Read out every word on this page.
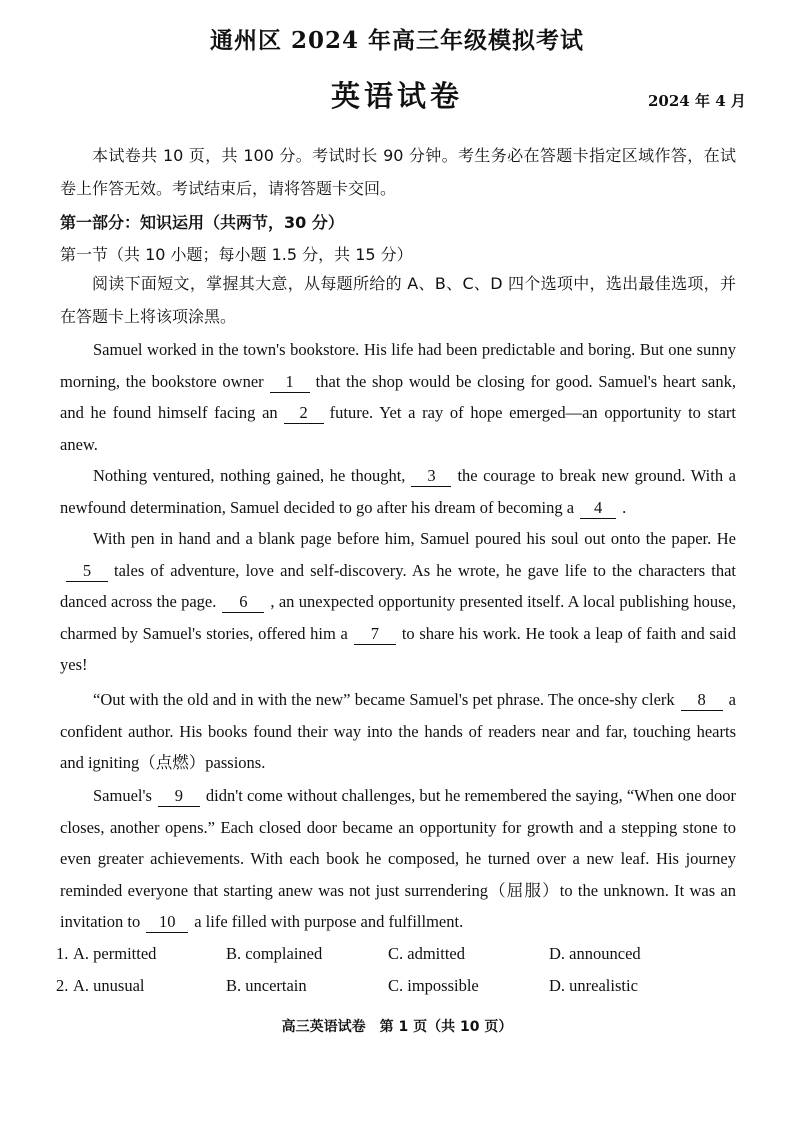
通州区 2024 年高三年级模拟考试
英语试卷	2024 年 4 月
本试卷共 10 页，共 100 分。考试时长 90 分钟。考生务必在答题卡指定区域作答，在试卷上作答无效。考试结束后，请将答题卡交回。
第一部分：知识运用（共两节，30 分）
第一节（共 10 小题；每小题 1.5 分，共 15 分）
阅读下面短文，掌握其大意，从每题所给的 A、B、C、D 四个选项中，选出最佳选项，并在答题卡上将该项涂黑。
Samuel worked in the town's bookstore. His life had been predictable and boring. But one sunny morning, the bookstore owner 1 that the shop would be closing for good. Samuel's heart sank, and he found himself facing an 2 future. Yet a ray of hope emerged—an opportunity to start anew.
Nothing ventured, nothing gained, he thought, 3 the courage to break new ground. With a newfound determination, Samuel decided to go after his dream of becoming a 4 .
With pen in hand and a blank page before him, Samuel poured his soul out onto the paper. He5 tales of adventure, love and self-discovery. As he wrote, he gave life to the characters that danced across the page. 6 , an unexpected opportunity presented itself. A local publishing house, charmed by Samuel's stories, offered him a 7 to share his work. He took a leap of faith and said yes!
“Out with the old and in with the new” became Samuel's pet phrase. The once-shy clerk 8 a confident author. His books found their way into the hands of readers near and far, touching hearts and igniting（点燃）passions.
Samuel's 9 didn't come without challenges, but he remembered the saying, “When one door closes, another opens.” Each closed door became an opportunity for growth and a stepping stone to even greater achievements. With each book he composed, he turned over a new leaf. His journey reminded everyone that starting anew was not just surrendering（屈服）to the unknown. It was an invitation to 10 a life filled with purpose and fulfillment.
1. A. permitted	B. complained	C. admitted	D. announced
2. A. unusual	B. uncertain	C. impossible	D. unrealistic
高三英语试卷　第 1 页（共 10 页）
